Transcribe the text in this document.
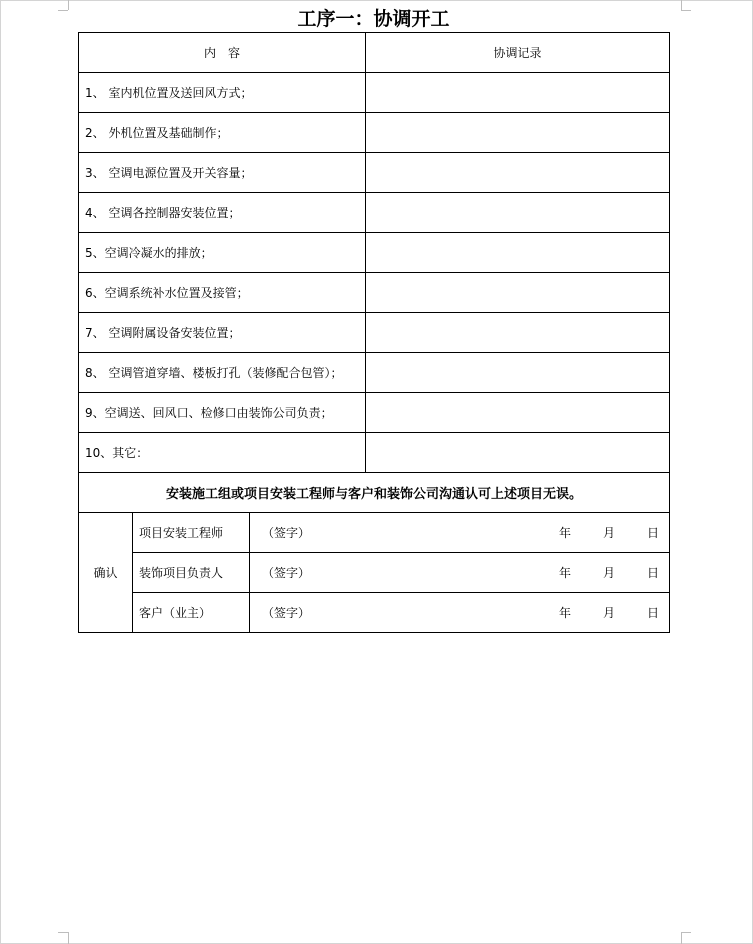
工序一：协调开工
内　容			协调记录
1、 室内机位置及送回风方式；			
2、 外机位置及基础制作；			
3、 空调电源位置及开关容量；			
4、 空调各控制器安装位置；			
5、空调冷凝水的排放；			
6、空调系统补水位置及接管；			
7、 空调附属设备安装位置；			
8、 空调管道穿墙、楼板打孔（装修配合包管）；			
9、空调送、回风口、检修口由装饰公司负责；			
10、其它：			
安装施工组或项目安装工程师与客户和装饰公司沟通认可上述项目无误。			
确认	项目安装工程师	（签字） 年 月 日	

	装饰项目负责人	（签字） 年 月 日	

	客户（业主）	（签字） 年 月 日	
